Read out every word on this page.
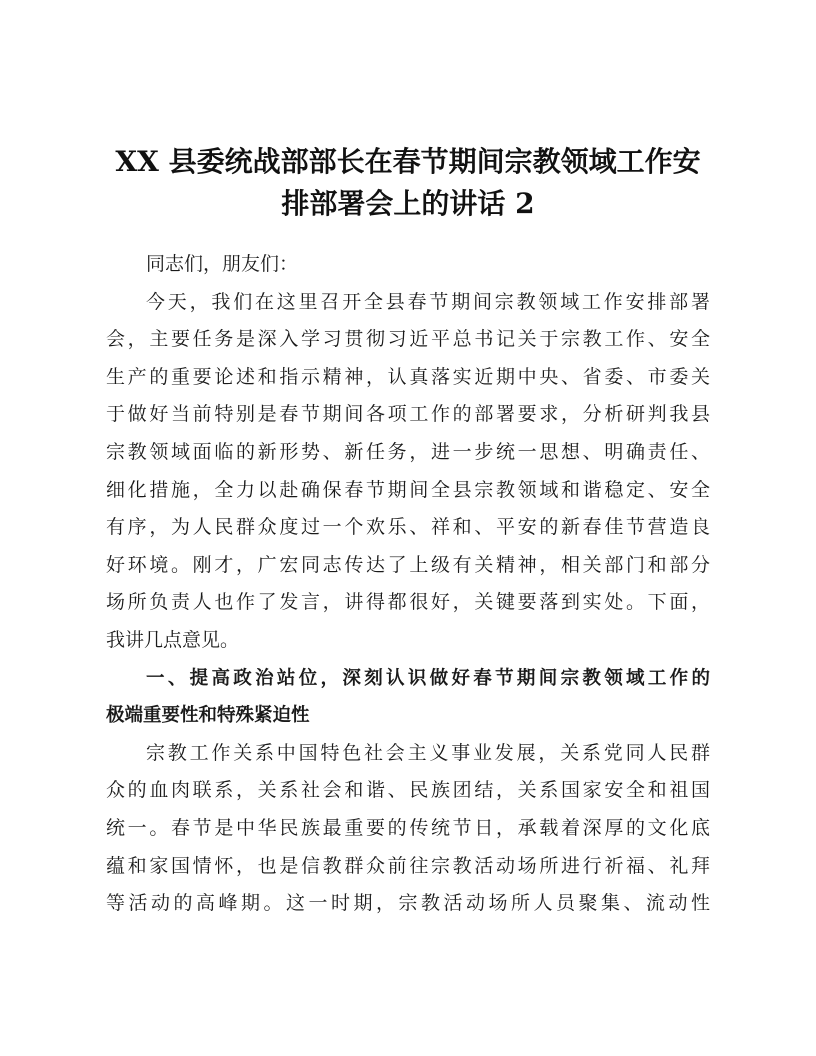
XX 县委统战部部长在春节期间宗教领域工作安
排部署会上的讲话 2
同志们，朋友们：
今天，我们在这里召开全县春节期间宗教领域工作安排部署
会，主要任务是深入学习贯彻习近平总书记关于宗教工作、安全
生产的重要论述和指示精神，认真落实近期中央、省委、市委关
于做好当前特别是春节期间各项工作的部署要求，分析研判我县
宗教领域面临的新形势、新任务，进一步统一思想、明确责任、
细化措施，全力以赴确保春节期间全县宗教领域和谐稳定、安全
有序，为人民群众度过一个欢乐、祥和、平安的新春佳节营造良
好环境。刚才，广宏同志传达了上级有关精神，相关部门和部分
场所负责人也作了发言，讲得都很好，关键要落到实处。下面，
我讲几点意见。
一、提高政治站位，深刻认识做好春节期间宗教领域工作的
极端重要性和特殊紧迫性
宗教工作关系中国特色社会主义事业发展，关系党同人民群
众的血肉联系，关系社会和谐、民族团结，关系国家安全和祖国
统一。春节是中华民族最重要的传统节日，承载着深厚的文化底
蕴和家国情怀，也是信教群众前往宗教活动场所进行祈福、礼拜
等活动的高峰期。这一时期，宗教活动场所人员聚集、流动性
